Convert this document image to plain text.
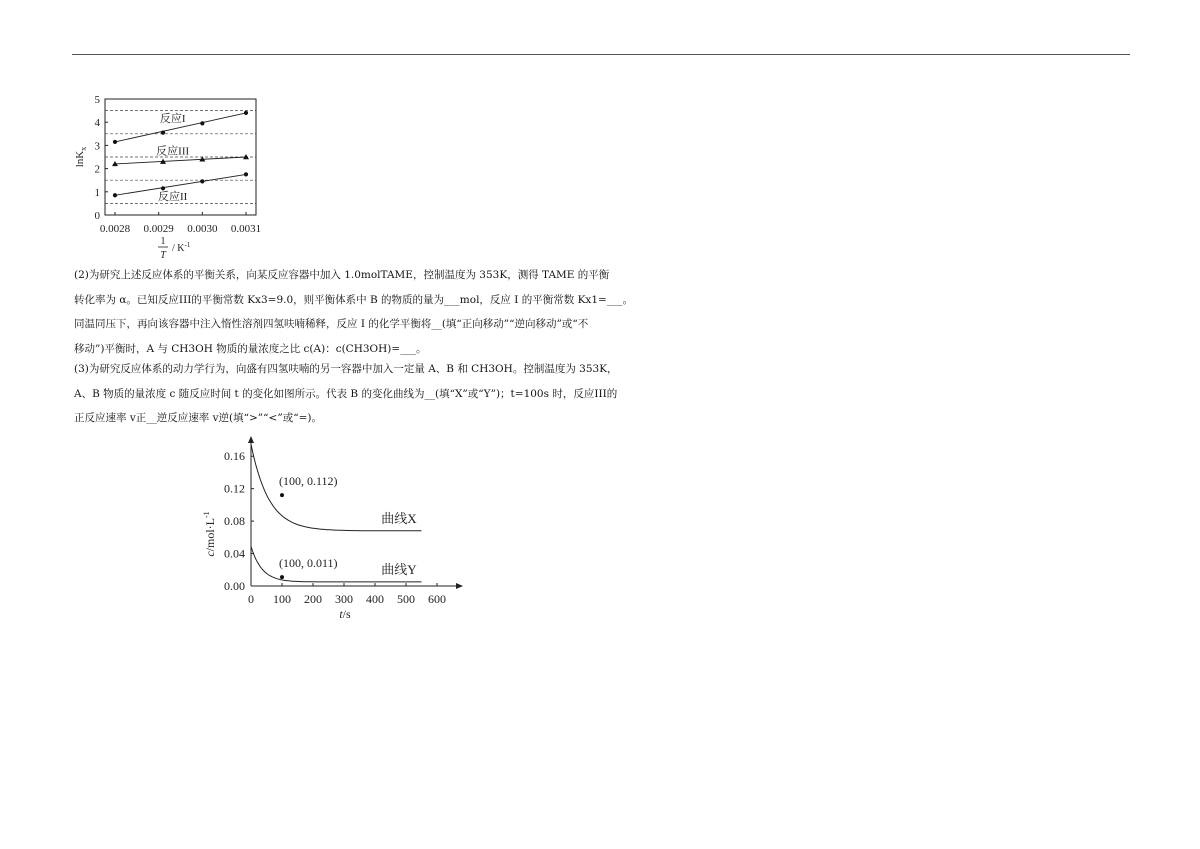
0
1
2
3
4
5
0.0028 0.0029 0.0030 0.0031
反应I
反应III
反应II
lnK$_x$
1
T
/ $K^{-1}$

(2)为研究上述反应体系的平衡关系，向某反应容器中加入 1.0molTAME，控制温度为 353K，测得 TAME 的平衡

转化率为 α。已知反应III的平衡常数 Kx3=9.0，则平衡体系中 B 的物质的量为___mol，反应 I 的平衡常数 Kx1=___。

同温同压下，再向该容器中注入惰性溶剂四氢呋喃稀释，反应 I 的化学平衡将__(填“正向移动”“逆向移动”或“不

移动”)平衡时，A 与 CH3OH 物质的量浓度之比 c(A)：c(CH3OH)=___。

(3)为研究反应体系的动力学行为，向盛有四氢呋喃的另一容器中加入一定量 A、B 和 CH3OH。控制温度为 353K，

A、B 物质的量浓度 c 随反应时间 t 的变化如图所示。代表 B 的变化曲线为__(填“X”或“Y”)；t=100s 时，反应III的

正反应速率 v正__逆反应速率 v逆(填“>”“<”或“=)。

0.00
0.04
0.08
0.12
0.16
0 100 200 300 400 500 600
曲线X
曲线Y
(100, 0.112)
(100, 0.011)
$c/mol\cdot L^{-1}$
t/s
